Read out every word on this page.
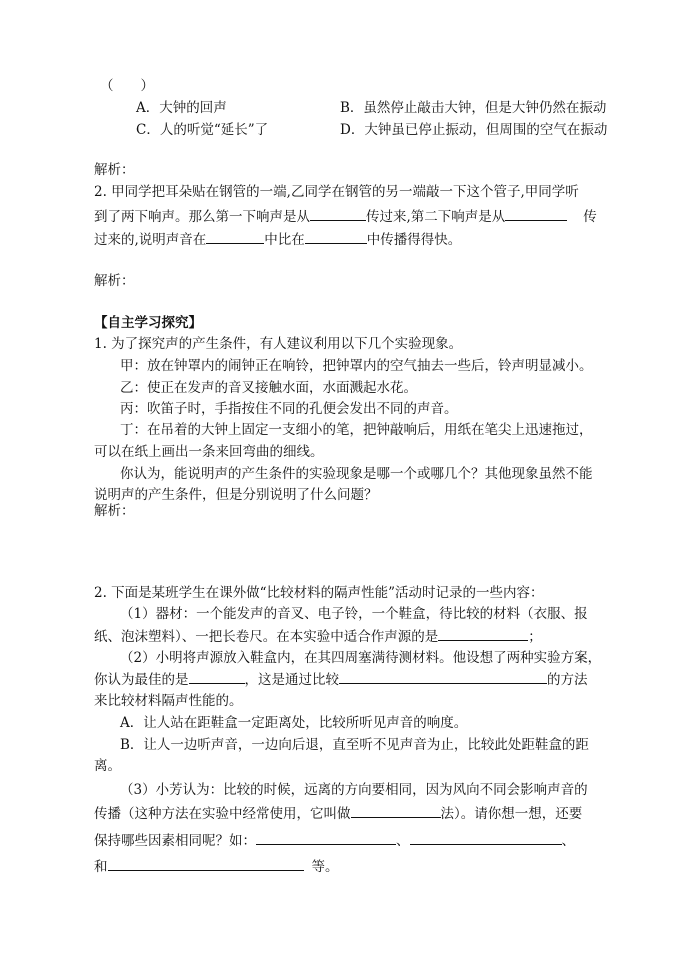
（　　）
A．大钟的回声	B．虽然停止敲击大钟，但是大钟仍然在振动
C．人的听觉“延长”了	D．大钟虽已停止振动，但周围的空气在振动
解析：
2. 甲同学把耳朵贴在钢管的一端,乙同学在钢管的另一端敲一下这个管子,甲同学听
到了两下响声。那么第一下响声是从	传过来,第二下响声是从	传
过来的,说明声音在	中比在	中传播得得快。
解析：
【自主学习探究】
1. 为了探究声的产生条件，有人建议利用以下几个实验现象。
甲：放在钟罩内的闹钟正在响铃，把钟罩内的空气抽去一些后，铃声明显减小。
乙：使正在发声的音叉接触水面，水面溅起水花。
丙：吹笛子时，手指按住不同的孔便会发出不同的声音。
丁：在吊着的大钟上固定一支细小的笔，把钟敲响后，用纸在笔尖上迅速拖过，
可以在纸上画出一条来回弯曲的细线。
你认为，能说明声的产生条件的实验现象是哪一个或哪几个？其他现象虽然不能
说明声的产生条件，但是分别说明了什么问题？
解析：
2. 下面是某班学生在课外做“比较材料的隔声性能”活动时记录的一些内容：
（1）器材：一个能发声的音叉、电子铃，一个鞋盒，待比较的材料（衣服、报
纸、泡沫塑料）、一把长卷尺。在本实验中适合作声源的是	；
（2）小明将声源放入鞋盒内，在其四周塞满待测材料。他设想了两种实验方案，
你认为最佳的是	，这是通过比较	的方法
来比较材料隔声性能的。
A．让人站在距鞋盒一定距离处，比较所听见声音的响度。
B．让人一边听声音，一边向后退，直至听不见声音为止，比较此处距鞋盒的距
离。
（3）小芳认为：比较的时候，远离的方向要相同，因为风向不同会影响声音的
传播（这种方法在实验中经常使用，它叫做	法）。请你想一想，还要
保持哪些因素相同呢？如：	、	、
和	等。
